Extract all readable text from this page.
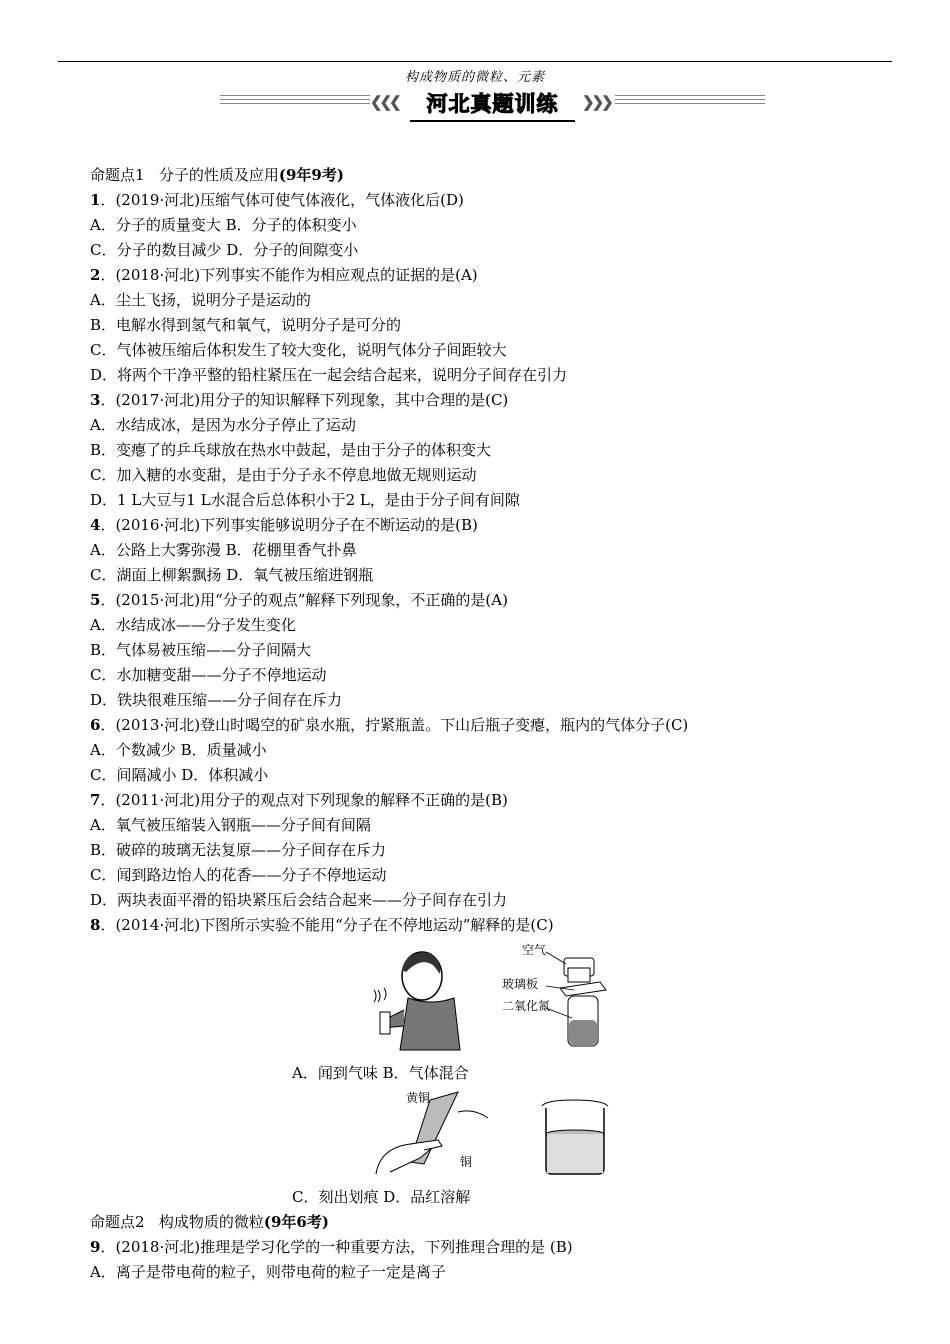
构成物质的微粒、元素
❮❮❮	河北真题训练	❯❯❯
命题点1 分子的性质及应用(9年9考)
1．(2019·河北)压缩气体可使气体液化，气体液化后(D)
A．分子的质量变大 B．分子的体积变小
C．分子的数目减少 D．分子的间隙变小
2．(2018·河北)下列事实不能作为相应观点的证据的是(A)
A．尘土飞扬，说明分子是运动的
B．电解水得到氢气和氧气，说明分子是可分的
C．气体被压缩后体积发生了较大变化，说明气体分子间距较大
D．将两个干净平整的铅柱紧压在一起会结合起来，说明分子间存在引力
3．(2017·河北)用分子的知识解释下列现象，其中合理的是(C)
A．水结成冰，是因为水分子停止了运动
B．变瘪了的乒乓球放在热水中鼓起，是由于分子的体积变大
C．加入糖的水变甜，是由于分子永不停息地做无规则运动
D．1 L大豆与1 L水混合后总体积小于2 L，是由于分子间有间隙
4．(2016·河北)下列事实能够说明分子在不断运动的是(B)
A．公路上大雾弥漫 B．花棚里香气扑鼻
C．湖面上柳絮飘扬 D．氧气被压缩进钢瓶
5．(2015·河北)用“分子的观点”解释下列现象，不正确的是(A)
A．水结成冰——分子发生变化
B．气体易被压缩——分子间隔大
C．水加糖变甜——分子不停地运动
D．铁块很难压缩——分子间存在斥力
6．(2013·河北)登山时喝空的矿泉水瓶，拧紧瓶盖。下山后瓶子变瘪，瓶内的气体分子(C)
A．个数减少 B．质量减小
C．间隔减小 D．体积减小
7．(2011·河北)用分子的观点对下列现象的解释不正确的是(B)
A．氧气被压缩装入钢瓶——分子间有间隔
B．破碎的玻璃无法复原——分子间存在斥力
C．闻到路边怡人的花香——分子不停地运动
D．两块表面平滑的铅块紧压后会结合起来——分子间存在引力
8．(2014·河北)下图所示实验不能用“分子在不停地运动”解释的是(C)
空气
玻璃板
二氧化氮
A．闻到气味 B．气体混合
黄铜
铜
C．刻出划痕 D．品红溶解
命题点2 构成物质的微粒(9年6考)
9．(2018·河北)推理是学习化学的一种重要方法，下列推理合理的是 (B)
A．离子是带电荷的粒子，则带电荷的粒子一定是离子
